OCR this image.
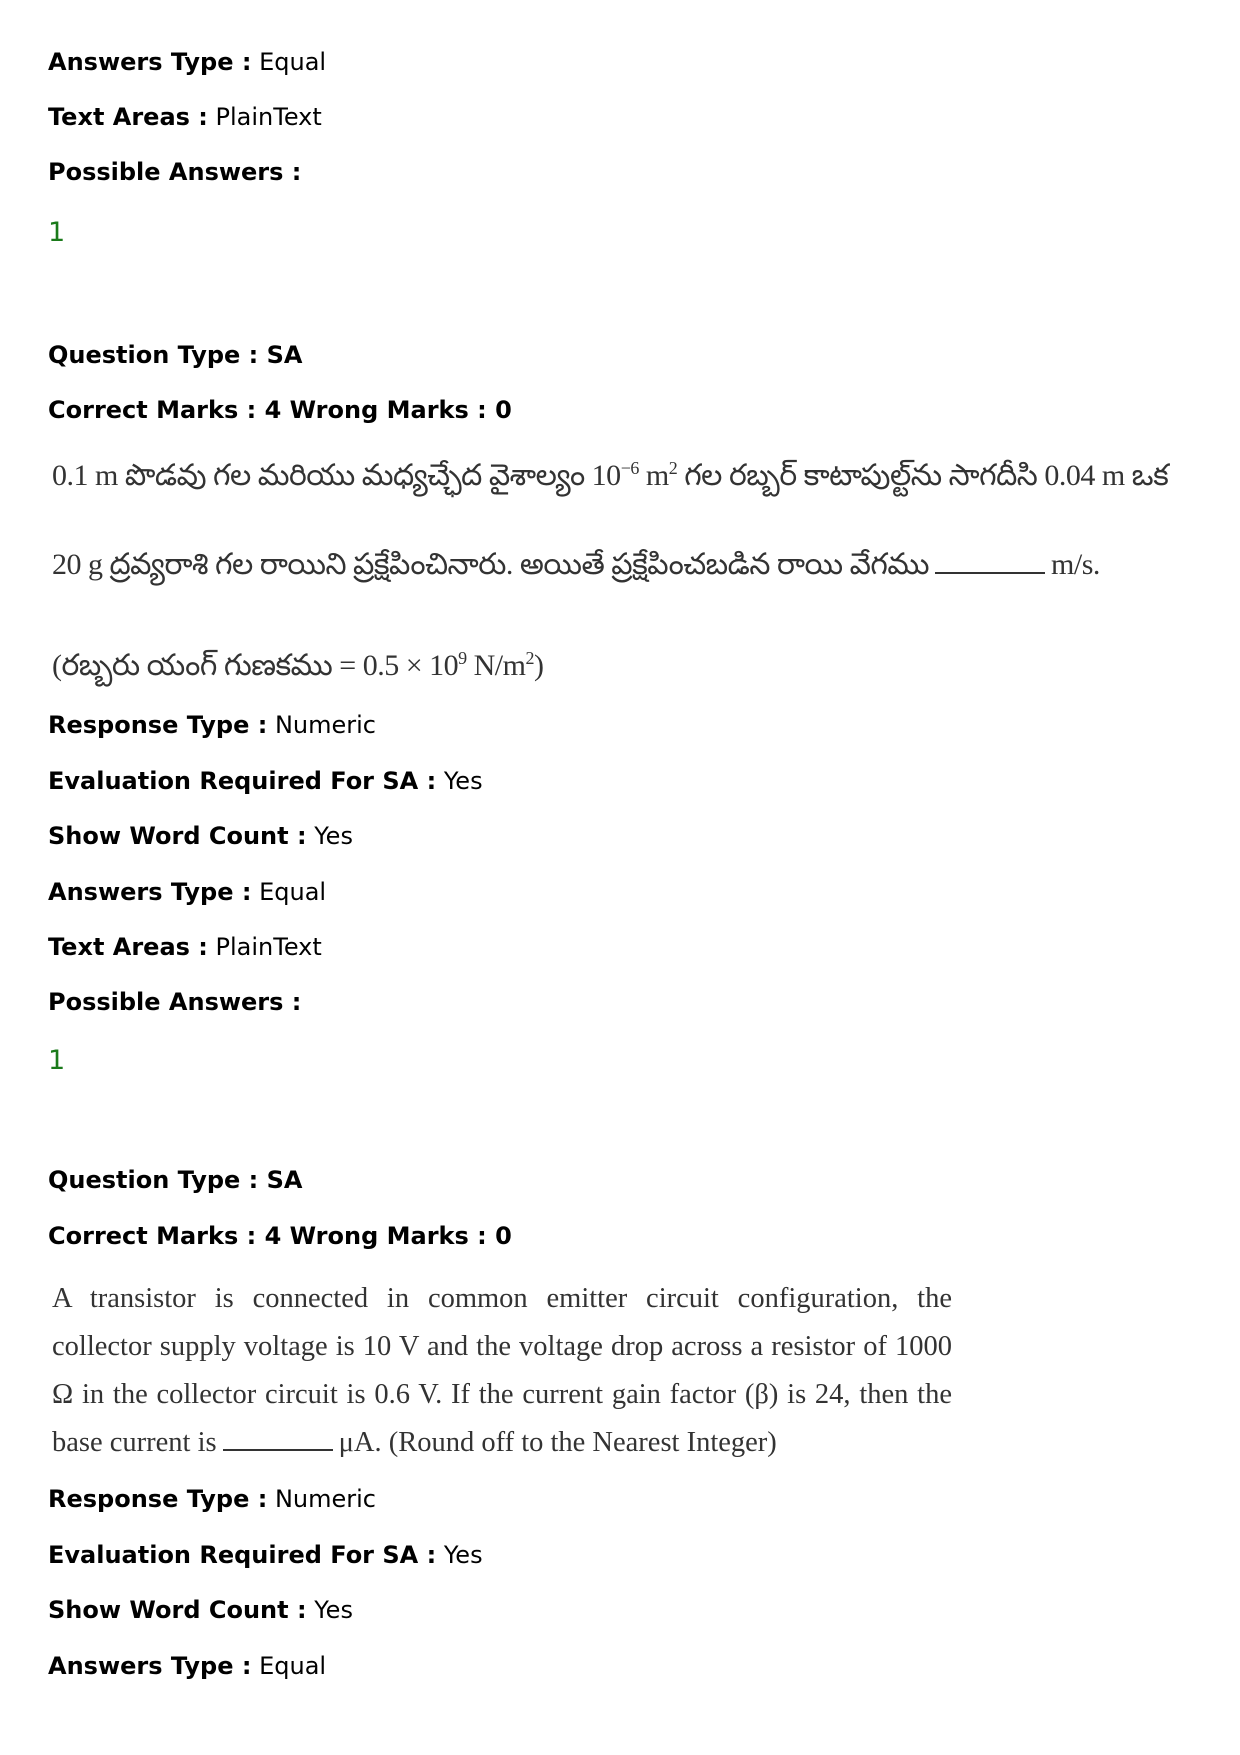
Answers Type : Equal
Text Areas : PlainText
Possible Answers :
1
Question Type : SA
Correct Marks : 4 Wrong Marks : 0
0.1 m పొడవు గల మరియు మధ్యచ్ఛేద వైశాల్యం $10^{-6}$ $m^2$ గల రబ్బర్ కాటాపుల్ట్‌ను సాగదీసి 0.04 m ఒక
20 g ద్రవ్యరాశి గల రాయిని ప్రక్షేపించినారు. అయితే ప్రక్షేపించబడిన రాయి వేగము	m/s.
(రబ్బరు యంగ్ గుణకము = $0.5 \times 10^9$ $N/m^2$)
Response Type : Numeric
Evaluation Required For SA : Yes
Show Word Count : Yes
Answers Type : Equal
Text Areas : PlainText
Possible Answers :
1
Question Type : SA
Correct Marks : 4 Wrong Marks : 0
A transistor is connected in common emitter circuit configuration, the collector supply voltage is 10 V and the voltage drop across a resistor of 1000 Ω in the collector circuit is 0.6 V. If the current gain factor (β) is 24, then the base current is	μA. (Round off to the Nearest Integer)
Response Type : Numeric
Evaluation Required For SA : Yes
Show Word Count : Yes
Answers Type : Equal
